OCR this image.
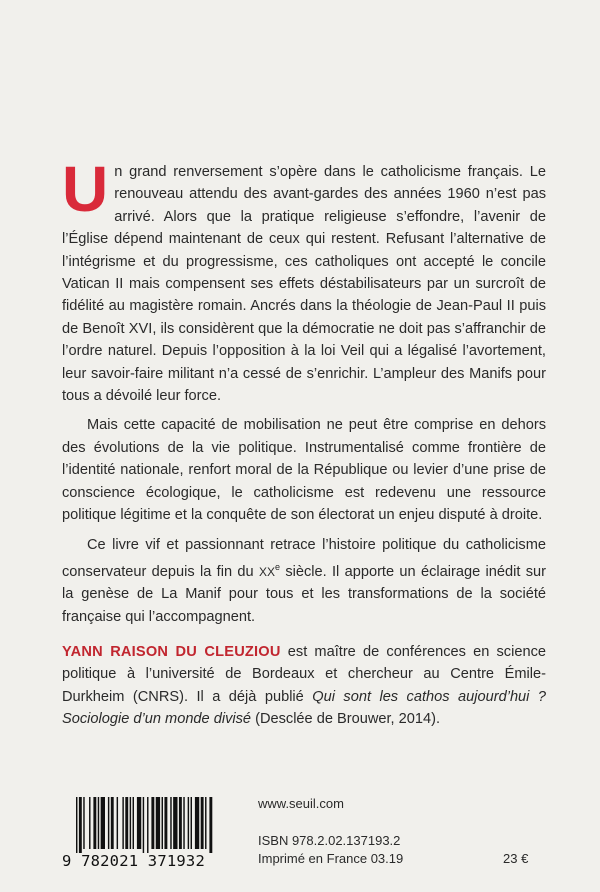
Un grand renversement s’opère dans le catholicisme français. Le renouveau attendu des avant-gardes des années 1960 n’est pas arrivé. Alors que la pratique religieuse s’effondre, l’avenir de l’Église dépend maintenant de ceux qui restent. Refusant l’alternative de l’intégrisme et du progressisme, ces catholiques ont accepté le concile Vatican II mais compensent ses effets déstabilisateurs par un surcroît de fidélité au magistère romain. Ancrés dans la théologie de Jean-Paul II puis de Benoît XVI, ils considèrent que la démocratie ne doit pas s’affranchir de l’ordre naturel. Depuis l’opposition à la loi Veil qui a légalisé l’avortement, leur savoir-faire militant n’a cessé de s’enrichir. L’ampleur des Manifs pour tous a dévoilé leur force.

Mais cette capacité de mobilisation ne peut être comprise en dehors des évolutions de la vie politique. Instrumentalisé comme frontière de l’identité nationale, renfort moral de la République ou levier d’une prise de conscience écologique, le catholicisme est redevenu une ressource politique légitime et la conquête de son électorat un enjeu disputé à droite.

Ce livre vif et passionnant retrace l’histoire politique du catholicisme conservateur depuis la fin du XXe siècle. Il apporte un éclairage inédit sur la genèse de La Manif pour tous et les transformations de la société française qui l’accompagnent.

YANN RAISON DU CLEUZIOU est maître de conférences en science politique à l’université de Bordeaux et chercheur au Centre Émile-Durkheim (CNRS). Il a déjà publié Qui sont les cathos aujourd’hui ? Sociologie d’un monde divisé (Desclée de Brouwer, 2014).
9 782021 371932
www.seuil.com
ISBN 978.2.02.137193.2
Imprimé en France 03.19	23 €
